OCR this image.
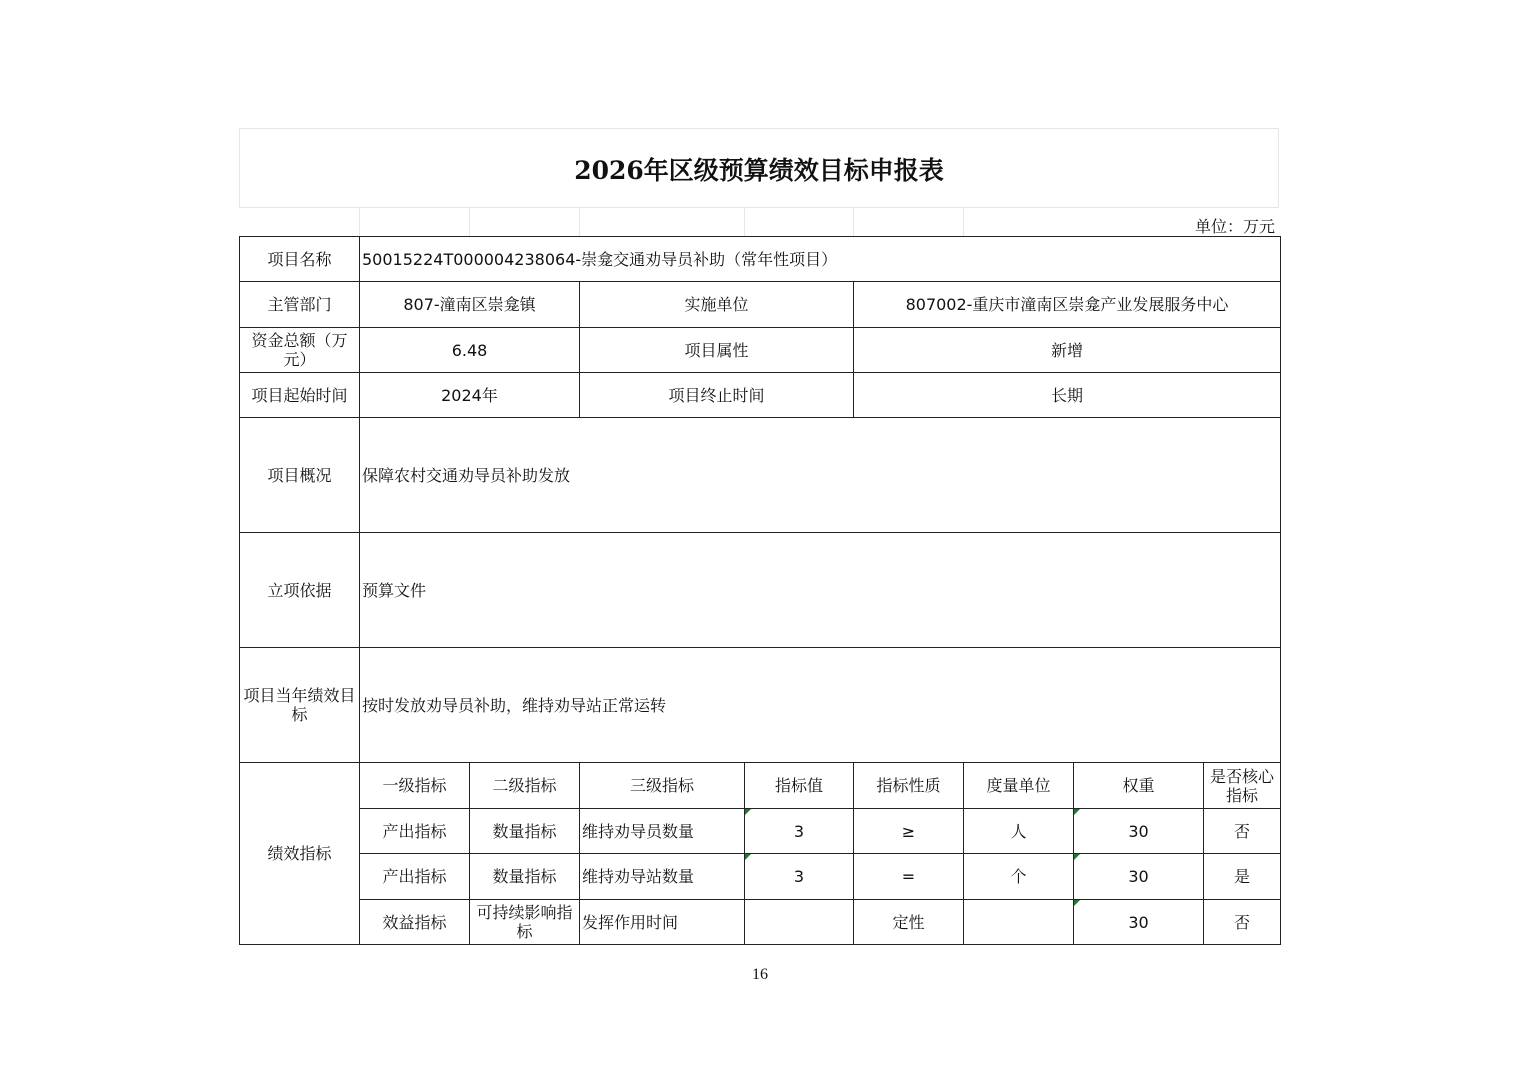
2026年区级预算绩效目标申报表
单位：万元
项目名称	50015224T000004238064-崇龛交通劝导员补助（常年性项目）							
主管部门	807-潼南区崇龛镇		实施单位		807002-重庆市潼南区崇龛产业发展服务中心			
资金总额（万元）	6.48		项目属性		新增			
项目起始时间	2024年		项目终止时间		长期			
项目概况	保障农村交通劝导员补助发放							
立项依据	预算文件							
项目当年绩效目标	按时发放劝导员补助，维持劝导站正常运转							
绩效指标	一级指标	二级指标	三级指标	指标值	指标性质	度量单位	权重	是否核心指标
	产出指标	数量指标	维持劝导员数量	3	≥	人	30	否
	产出指标	数量指标	维持劝导站数量	3	=	个	30	是
	效益指标	可持续影响指标	发挥作用时间		定性		30	否
16
